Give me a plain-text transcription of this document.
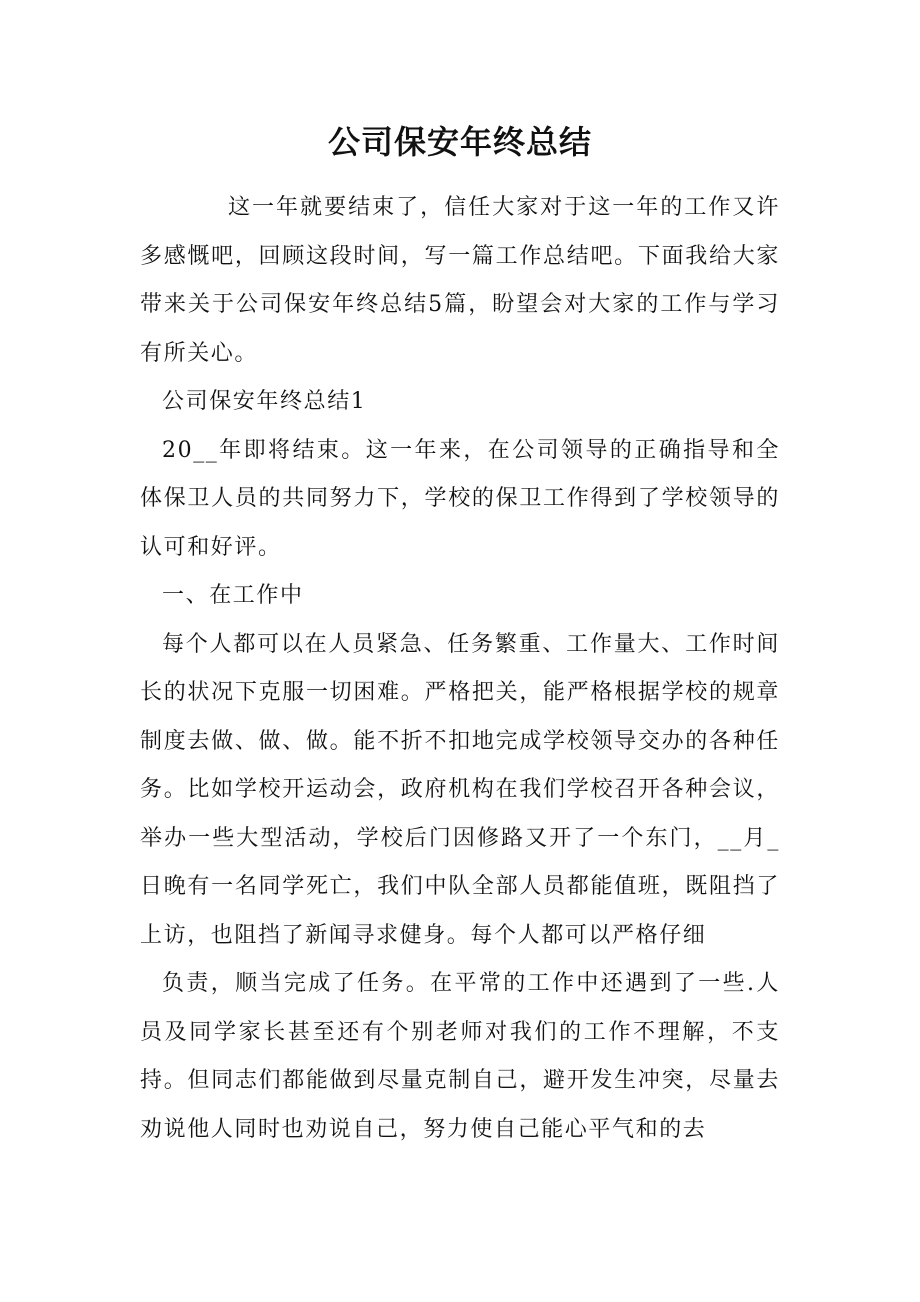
公司保安年终总结

这一年就要结束了，信任大家对于这一年的工作又许多感慨吧，回顾这段时间，写一篇工作总结吧。下面我给大家带来关于公司保安年终总结5篇，盼望会对大家的工作与学习有所关心。

公司保安年终总结1

20__年即将结束。这一年来，在公司领导的正确指导和全体保卫人员的共同努力下，学校的保卫工作得到了学校领导的认可和好评。

一、在工作中

每个人都可以在人员紧急、任务繁重、工作量大、工作时间长的状况下克服一切困难。严格把关，能严格根据学校的规章制度去做、做、做。能不折不扣地完成学校领导交办的各种任务。比如学校开运动会，政府机构在我们学校召开各种会议，举办一些大型活动，学校后门因修路又开了一个东门，__月_日晚有一名同学死亡，我们中队全部人员都能值班，既阻挡了上访，也阻挡了新闻寻求健身。每个人都可以严格仔细

负责，顺当完成了任务。在平常的工作中还遇到了一些.人员及同学家长甚至还有个别老师对我们的工作不理解，不支持。但同志们都能做到尽量克制自己，避开发生冲突，尽量去劝说他人同时也劝说自己，努力使自己能心平气和的去
